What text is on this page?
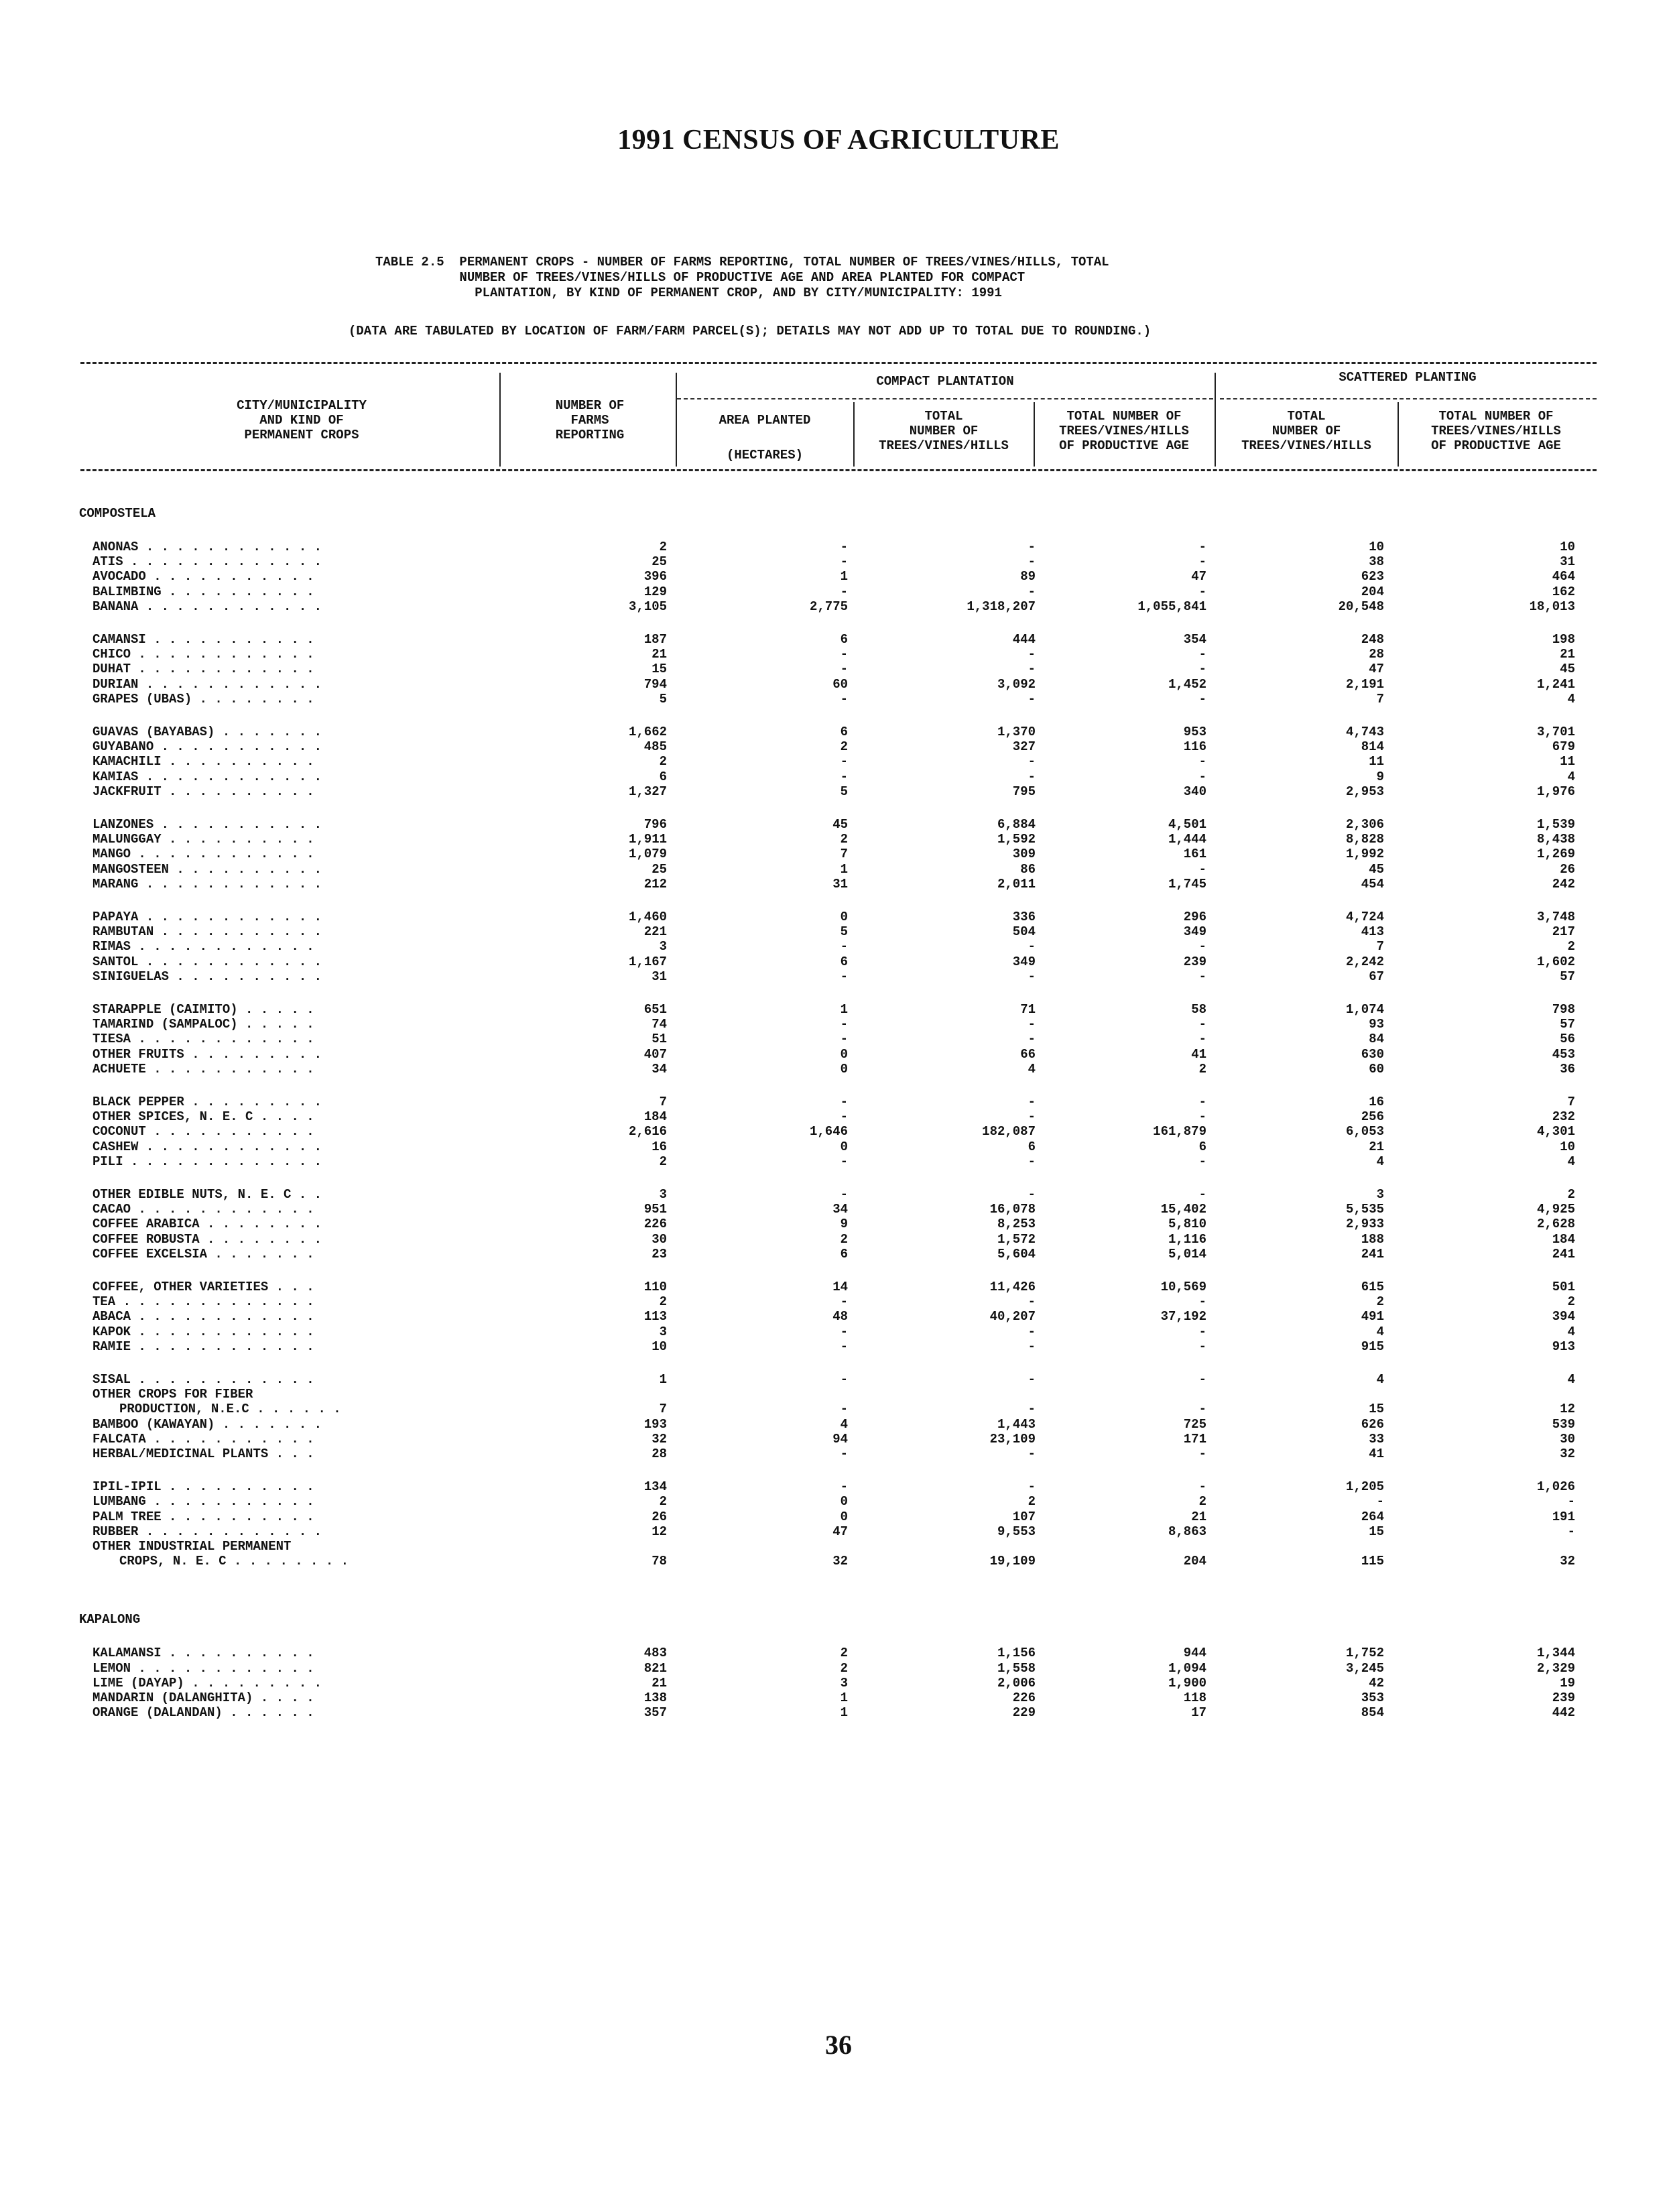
1991 CENSUS OF AGRICULTURE
TABLE 2.5  PERMANENT CROPS - NUMBER OF FARMS REPORTING, TOTAL NUMBER OF TREES/VINES/HILLS, TOTAL
NUMBER OF TREES/VINES/HILLS OF PRODUCTIVE AGE AND AREA PLANTED FOR COMPACT
PLANTATION, BY KIND OF PERMANENT CROP, AND BY CITY/MUNICIPALITY: 1991
(DATA ARE TABULATED BY LOCATION OF FARM/FARM PARCEL(S); DETAILS MAY NOT ADD UP TO TOTAL DUE TO ROUNDING.)
CITY/MUNICIPALITY
AND KIND OF
PERMANENT CROPS
NUMBER OF
FARMS
REPORTING
COMPACT PLANTATION	SCATTERED PLANTING
AREA PLANTED
(HECTARES)
TOTAL
NUMBER OF
TREES/VINES/HILLS
TOTAL NUMBER OF
TREES/VINES/HILLS
OF PRODUCTIVE AGE
TOTAL
NUMBER OF
TREES/VINES/HILLS
TOTAL NUMBER OF
TREES/VINES/HILLS
OF PRODUCTIVE AGE
COMPOSTELA
ANONAS . . . . . . . . . . . .	2	-	-	-	10	10
ATIS . . . . . . . . . . . . .	25	-	-	-	38	31
AVOCADO . . . . . . . . . . .	396	1	89	47	623	464
BALIMBING . . . . . . . . . .	129	-	-	-	204	162
BANANA . . . . . . . . . . . .	3,105	2,775	1,318,207	1,055,841	20,548	18,013
CAMANSI . . . . . . . . . . .	187	6	444	354	248	198
CHICO . . . . . . . . . . . .	21	-	-	-	28	21
DUHAT . . . . . . . . . . . .	15	-	-	-	47	45
DURIAN . . . . . . . . . . . .	794	60	3,092	1,452	2,191	1,241
GRAPES (UBAS) . . . . . . . .	5	-	-	-	7	4
GUAVAS (BAYABAS) . . . . . . .	1,662	6	1,370	953	4,743	3,701
GUYABANO . . . . . . . . . . .	485	2	327	116	814	679
KAMACHILI . . . . . . . . . .	2	-	-	-	11	11
KAMIAS . . . . . . . . . . . .	6	-	-	-	9	4
JACKFRUIT . . . . . . . . . .	1,327	5	795	340	2,953	1,976
LANZONES . . . . . . . . . . .	796	45	6,884	4,501	2,306	1,539
MALUNGGAY . . . . . . . . . .	1,911	2	1,592	1,444	8,828	8,438
MANGO . . . . . . . . . . . .	1,079	7	309	161	1,992	1,269
MANGOSTEEN . . . . . . . . . .	25	1	86	-	45	26
MARANG . . . . . . . . . . . .	212	31	2,011	1,745	454	242
PAPAYA . . . . . . . . . . . .	1,460	0	336	296	4,724	3,748
RAMBUTAN . . . . . . . . . . .	221	5	504	349	413	217
RIMAS . . . . . . . . . . . .	3	-	-	-	7	2
SANTOL . . . . . . . . . . . .	1,167	6	349	239	2,242	1,602
SINIGUELAS . . . . . . . . . .	31	-	-	-	67	57
STARAPPLE (CAIMITO) . . . . .	651	1	71	58	1,074	798
TAMARIND (SAMPALOC) . . . . .	74	-	-	-	93	57
TIESA . . . . . . . . . . . .	51	-	-	-	84	56
OTHER FRUITS . . . . . . . . .	407	0	66	41	630	453
ACHUETE . . . . . . . . . . .	34	0	4	2	60	36
BLACK PEPPER . . . . . . . . .	7	-	-	-	16	7
OTHER SPICES, N. E. C . . . .	184	-	-	-	256	232
COCONUT . . . . . . . . . . .	2,616	1,646	182,087	161,879	6,053	4,301
CASHEW . . . . . . . . . . . .	16	0	6	6	21	10
PILI . . . . . . . . . . . . .	2	-	-	-	4	4
OTHER EDIBLE NUTS, N. E. C . .	3	-	-	-	3	2
CACAO . . . . . . . . . . . .	951	34	16,078	15,402	5,535	4,925
COFFEE ARABICA . . . . . . . .	226	9	8,253	5,810	2,933	2,628
COFFEE ROBUSTA . . . . . . . .	30	2	1,572	1,116	188	184
COFFEE EXCELSIA . . . . . . .	23	6	5,604	5,014	241	241
COFFEE, OTHER VARIETIES . . .	110	14	11,426	10,569	615	501
TEA . . . . . . . . . . . . .	2	-	-	-	2	2
ABACA . . . . . . . . . . . .	113	48	40,207	37,192	491	394
KAPOK . . . . . . . . . . . .	3	-	-	-	4	4
RAMIE . . . . . . . . . . . .	10	-	-	-	915	913
SISAL . . . . . . . . . . . .	1	-	-	-	4	4
OTHER CROPS FOR FIBER
PRODUCTION, N.E.C . . . . . .	7	-	-	-	15	12
BAMBOO (KAWAYAN) . . . . . . .	193	4	1,443	725	626	539
FALCATA . . . . . . . . . . .	32	94	23,109	171	33	30
HERBAL/MEDICINAL PLANTS . . .	28	-	-	-	41	32
IPIL-IPIL . . . . . . . . . .	134	-	-	-	1,205	1,026
LUMBANG . . . . . . . . . . .	2	0	2	2	-	-
PALM TREE . . . . . . . . . .	26	0	107	21	264	191
RUBBER . . . . . . . . . . . .	12	47	9,553	8,863	15	-
OTHER INDUSTRIAL PERMANENT
CROPS, N. E. C . . . . . . . .	78	32	19,109	204	115	32
KAPALONG
KALAMANSI . . . . . . . . . .	483	2	1,156	944	1,752	1,344
LEMON . . . . . . . . . . . .	821	2	1,558	1,094	3,245	2,329
LIME (DAYAP) . . . . . . . . .	21	3	2,006	1,900	42	19
MANDARIN (DALANGHITA) . . . .	138	1	226	118	353	239
ORANGE (DALANDAN) . . . . . .	357	1	229	17	854	442
36
